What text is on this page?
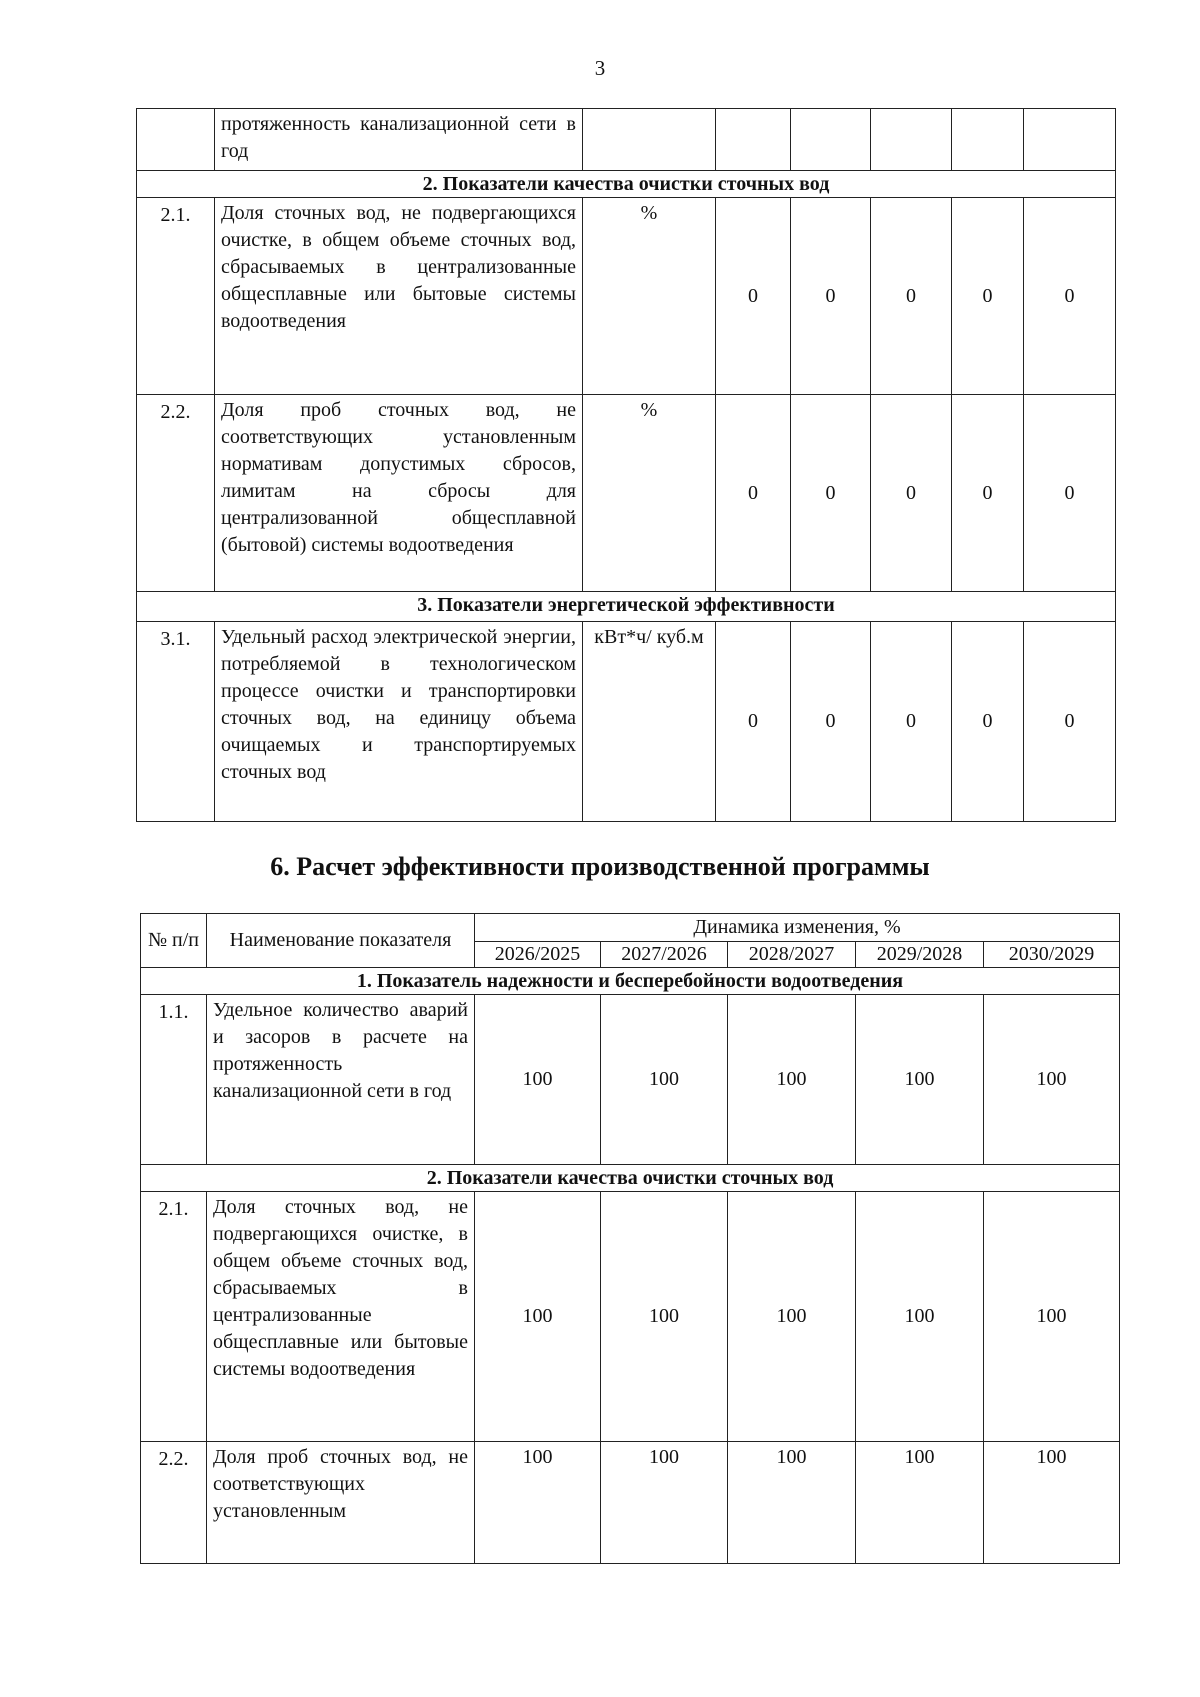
3
	протяженность канализационной сети в год						
2. Показатели качества очистки сточных вод							
2.1.	Доля сточных вод, не подвергающихся очистке, в общем объеме сточных вод, сбрасываемых в централизованные общесплавные или бытовые системы водоотведения	%	0	0	0	0	0
2.2.	Доля проб сточных вод, не соответствующих установленным нормативам допустимых сбросов, лимитам на сбросы для централизованной общесплавной (бытовой) системы водоотведения	%	0	0	0	0	0
3. Показатели энергетической эффективности							
3.1.	Удельный расход электрической энергии, потребляемой в технологическом процессе очистки и транспортировки сточных вод, на единицу объема очищаемых и транспортируемых сточных вод	кВт*ч/ куб.м	0	0	0	0	0
6. Расчет эффективности производственной программы
№ п/п	Наименование показателя	Динамика изменения, %				
		2026/2025	2027/2026	2028/2027	2029/2028	2030/2029
1. Показатель надежности и бесперебойности водоотведения						
1.1.	Удельное количество аварий и засоров в расчете на протяженность канализационной сети в год	100	100	100	100	100
2. Показатели качества очистки сточных вод						
2.1.	Доля сточных вод, не подвергающихся очистке, в общем объеме сточных вод, сбрасываемых в централизованные общесплавные или бытовые системы водоотведения	100	100	100	100	100
2.2.	Доля проб сточных вод, не соответствующих установленным	100	100	100	100	100
